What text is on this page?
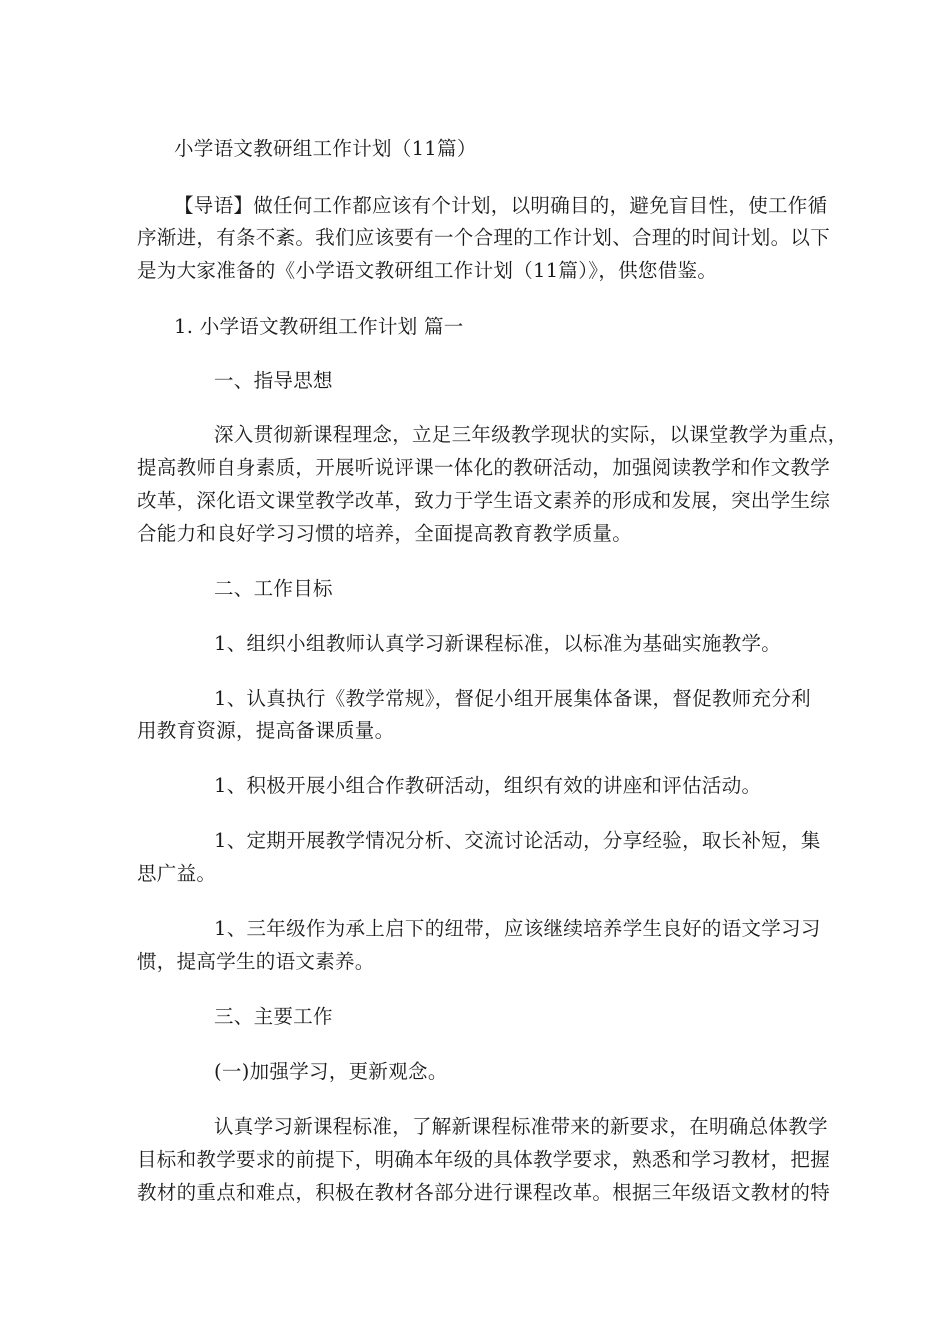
小学语文教研组工作计划（11篇）
【导语】做任何工作都应该有个计划，以明确目的，避免盲目性，使工作循
序渐进，有条不紊。我们应该要有一个合理的工作计划、合理的时间计划。以下
是为大家准备的《小学语文教研组工作计划（11篇）》，供您借鉴。
1. 小学语文教研组工作计划 篇一
一、指导思想
深入贯彻新课程理念，立足三年级教学现状的实际，以课堂教学为重点，
提高教师自身素质，开展听说评课一体化的教研活动，加强阅读教学和作文教学
改革，深化语文课堂教学改革，致力于学生语文素养的形成和发展，突出学生综
合能力和良好学习习惯的培养，全面提高教育教学质量。
二、工作目标
1、组织小组教师认真学习新课程标准，以标准为基础实施教学。
1、认真执行《教学常规》，督促小组开展集体备课，督促教师充分利
用教育资源，提高备课质量。
1、积极开展小组合作教研活动，组织有效的讲座和评估活动。
1、定期开展教学情况分析、交流讨论活动，分享经验，取长补短，集
思广益。
1、三年级作为承上启下的纽带，应该继续培养学生良好的语文学习习
惯，提高学生的语文素养。
三、主要工作
(一)加强学习，更新观念。
认真学习新课程标准，了解新课程标准带来的新要求，在明确总体教学
目标和教学要求的前提下，明确本年级的具体教学要求，熟悉和学习教材，把握
教材的重点和难点，积极在教材各部分进行课程改革。根据三年级语文教材的特
